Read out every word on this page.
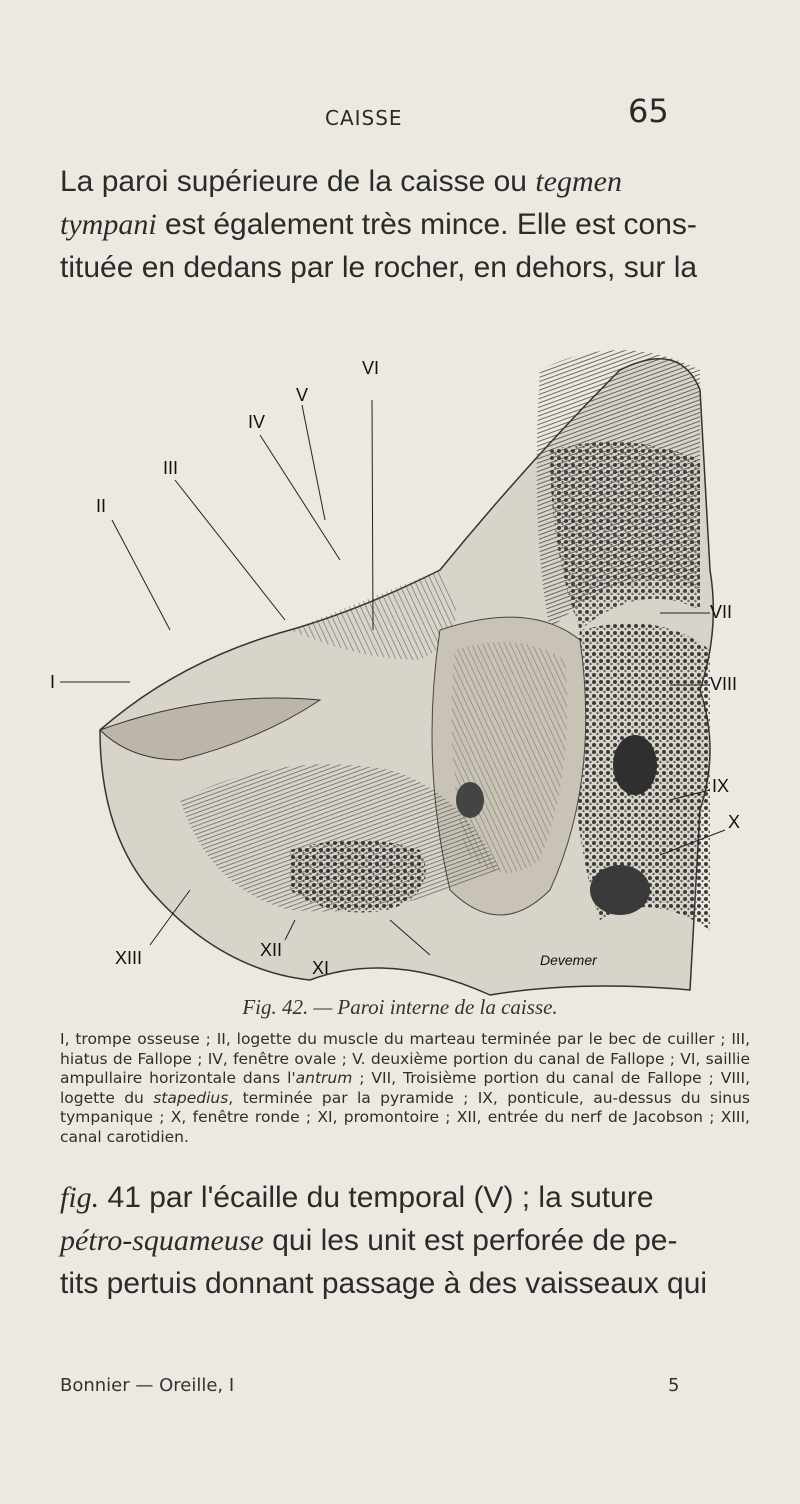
CAISSE	65
La paroi supérieure de la caisse ou tegmen
tympani est également très mince. Elle est cons-
tituée en dedans par le rocher, en dehors, sur la
I
II
III
IV
V
VI
VII
VIII
IX
X
XI
XII
XIII	Devemer
Fig. 42. — Paroi interne de la caisse.
I, trompe osseuse ; II, logette du muscle du marteau terminée par le bec de cuiller ; III, hiatus de Fallope ; IV, fenêtre ovale ; V. deuxième portion du canal de Fallope ; VI, saillie ampullaire horizontale dans l'antrum ; VII, Troisième portion du canal de Fallope ; VIII, logette du stapedius, terminée par la pyramide ; IX, ponticule, au-dessus du sinus tympanique ; X, fenêtre ronde ; XI, promontoire ; XII, entrée du nerf de Jacobson ; XIII, canal carotidien.
fig. 41 par l'écaille du temporal (V) ; la suture
pétro-squameuse qui les unit est perforée de pe-
tits pertuis donnant passage à des vaisseaux qui
Bonnier — Oreille, I	5
